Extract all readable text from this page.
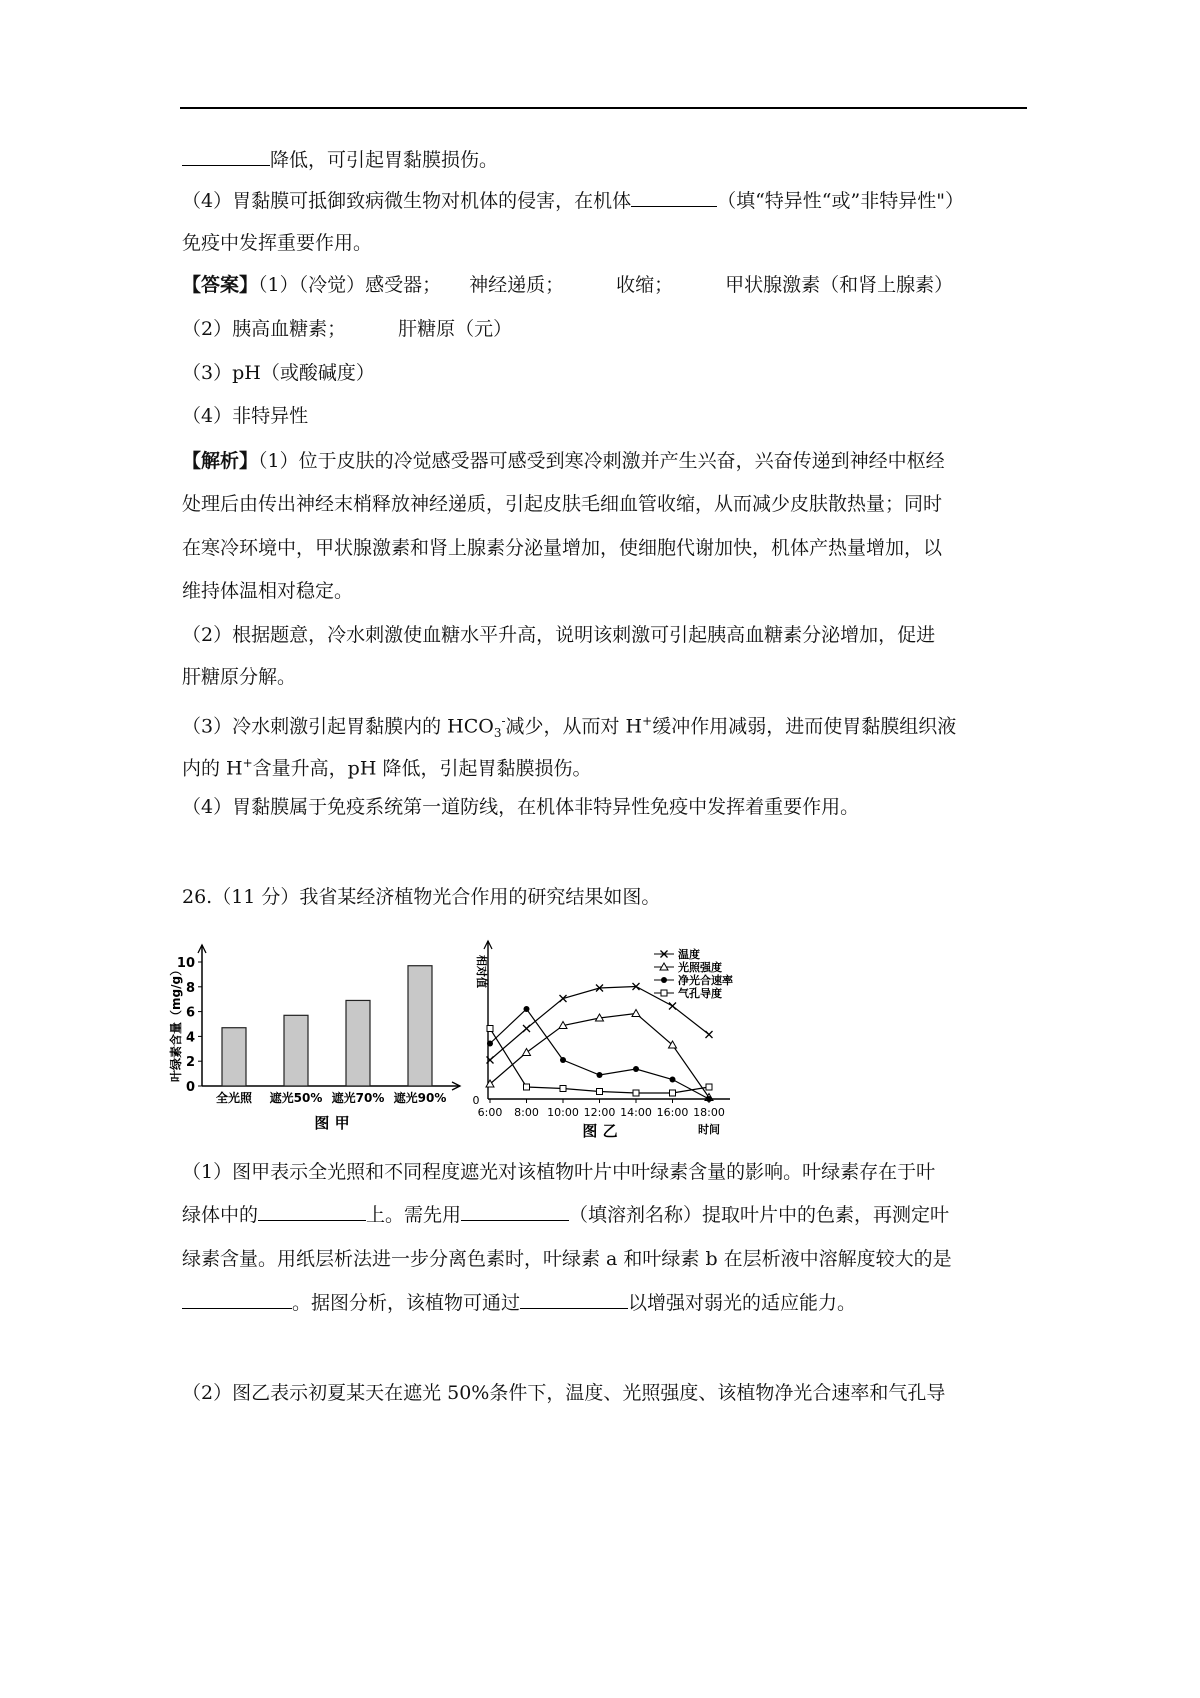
降低，可引起胃黏膜损伤。
（4）胃黏膜可抵御致病微生物对机体的侵害，在机体	（填“特异性“或”非特异性"）
免疫中发挥重要作用。
【答案】（1）（冷觉）感受器； 神经递质；	收缩；	甲状腺激素（和肾上腺素）
（2）胰高血糖素；	肝糖原（元）
（3）pH（或酸碱度）
（4）非特异性
【解析】（1）位于皮肤的冷觉感受器可感受到寒冷刺激并产生兴奋，兴奋传递到神经中枢经
处理后由传出神经末梢释放神经递质，引起皮肤毛细血管收缩，从而减少皮肤散热量；同时
在寒冷环境中，甲状腺激素和肾上腺素分泌量增加，使细胞代谢加快，机体产热量增加，以
维持体温相对稳定。
（2）根据题意，冷水刺激使血糖水平升高，说明该刺激可引起胰高血糖素分泌增加，促进
肝糖原分解。
（3）冷水刺激引起胃黏膜内的 $HCO_3^-$减少，从而对 H+缓冲作用减弱，进而使胃黏膜组织液
内的 H+含量升高，pH 降低，引起胃黏膜损伤。
（4）胃黏膜属于免疫系统第一道防线，在机体非特异性免疫中发挥着重要作用。
26.（11 分）我省某经济植物光合作用的研究结果如图。
0
2
4
6
8
10
叶绿素含量（mg/g）
全光照 遮光50% 遮光70% 遮光90%
图 甲
0
相对值
6:00 8:00 10:00 12:00 14:00 16:00 18:00
时间
图 乙
温度
光照强度
净光合速率
气孔导度
（1）图甲表示全光照和不同程度遮光对该植物叶片中叶绿素含量的影响。叶绿素存在于叶
绿体中的	上。需先用	（填溶剂名称）提取叶片中的色素，再测定叶
绿素含量。用纸层析法进一步分离色素时，叶绿素 a 和叶绿素 b 在层析液中溶解度较大的是
。据图分析，该植物可通过	以增强对弱光的适应能力。
（2）图乙表示初夏某天在遮光 50%条件下，温度、光照强度、该植物净光合速率和气孔导
